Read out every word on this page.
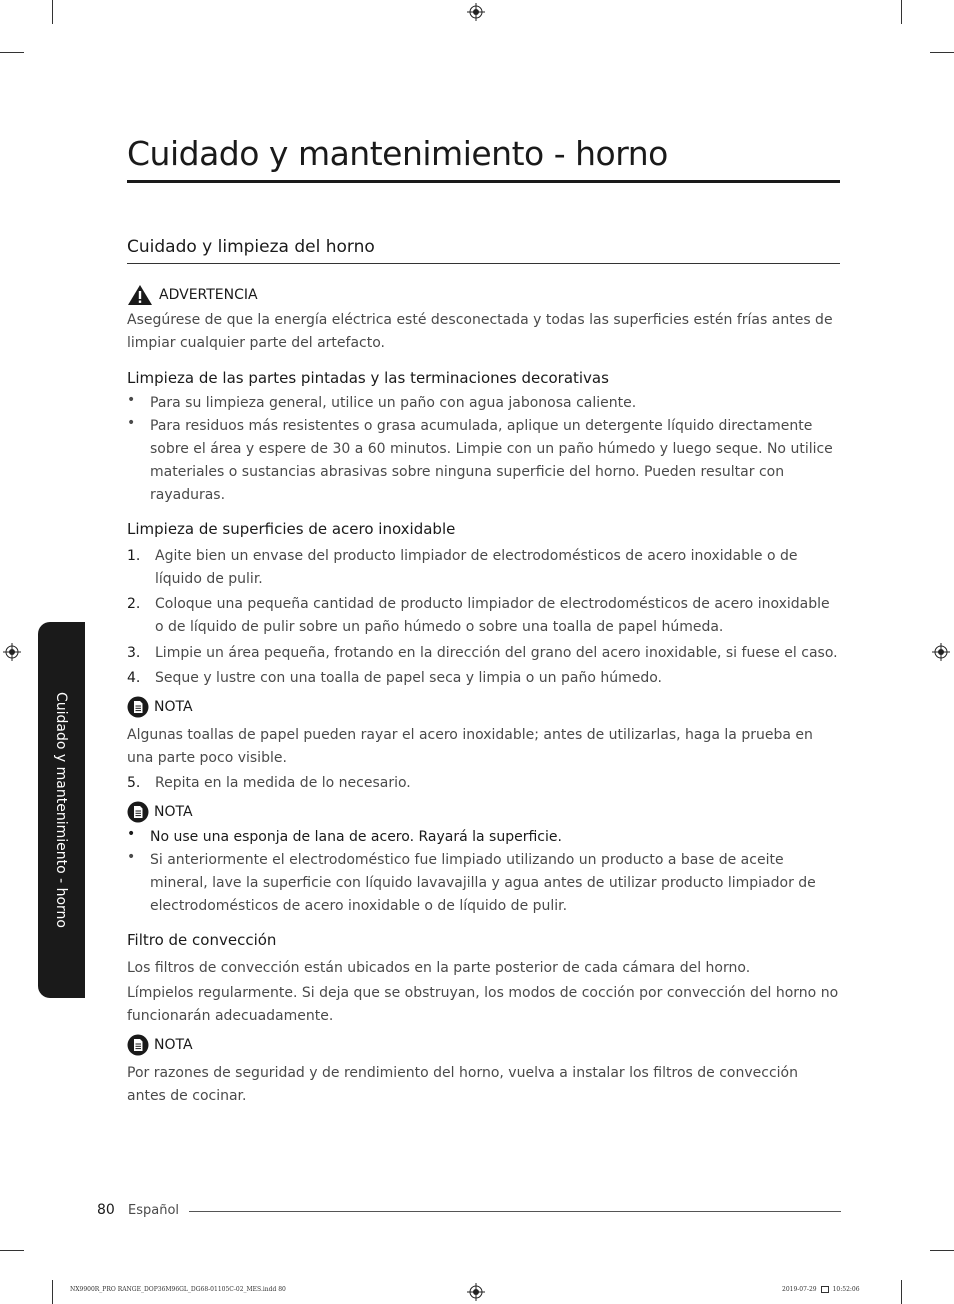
Cuidado y mantenimiento - horno
Cuidado y limpieza del horno
ADVERTENCIA
Asegúrese de que la energía eléctrica esté desconectada y todas las superficies estén frías antes de limpiar cualquier parte del artefacto.
Limpieza de las partes pintadas y las terminaciones decorativas
• Para su limpieza general, utilice un paño con agua jabonosa caliente.
• Para residuos más resistentes o grasa acumulada, aplique un detergente líquido directamente sobre el área y espere de 30 a 60 minutos. Limpie con un paño húmedo y luego seque. No utilice materiales o sustancias abrasivas sobre ninguna superficie del horno. Pueden resultar con rayaduras.
Limpieza de superficies de acero inoxidable
1. Agite bien un envase del producto limpiador de electrodomésticos de acero inoxidable o de líquido de pulir.
2. Coloque una pequeña cantidad de producto limpiador de electrodomésticos de acero inoxidable o de líquido de pulir sobre un paño húmedo o sobre una toalla de papel húmeda.
3. Limpie un área pequeña, frotando en la dirección del grano del acero inoxidable, si fuese el caso.
4. Seque y lustre con una toalla de papel seca y limpia o un paño húmedo.
NOTA
Algunas toallas de papel pueden rayar el acero inoxidable; antes de utilizarlas, haga la prueba en una parte poco visible.
5. Repita en la medida de lo necesario.
NOTA
• No use una esponja de lana de acero. Rayará la superficie.
• Si anteriormente el electrodoméstico fue limpiado utilizando un producto a base de aceite mineral, lave la superficie con líquido lavavajilla y agua antes de utilizar producto limpiador de electrodomésticos de acero inoxidable o de líquido de pulir.
Filtro de convección
Los filtros de convección están ubicados en la parte posterior de cada cámara del horno.
Límpielos regularmente. Si deja que se obstruyan, los modos de cocción por convección del horno no funcionarán adecuadamente.
NOTA
Por razones de seguridad y de rendimiento del horno, vuelva a instalar los filtros de convección antes de cocinar.
Cuidado y mantenimiento - horno
80 Español
NX9900R_PRO RANGE_DOP36M96GL_DG68-01105C-02_MES.indd 80	2019-07-29	10:52:06
